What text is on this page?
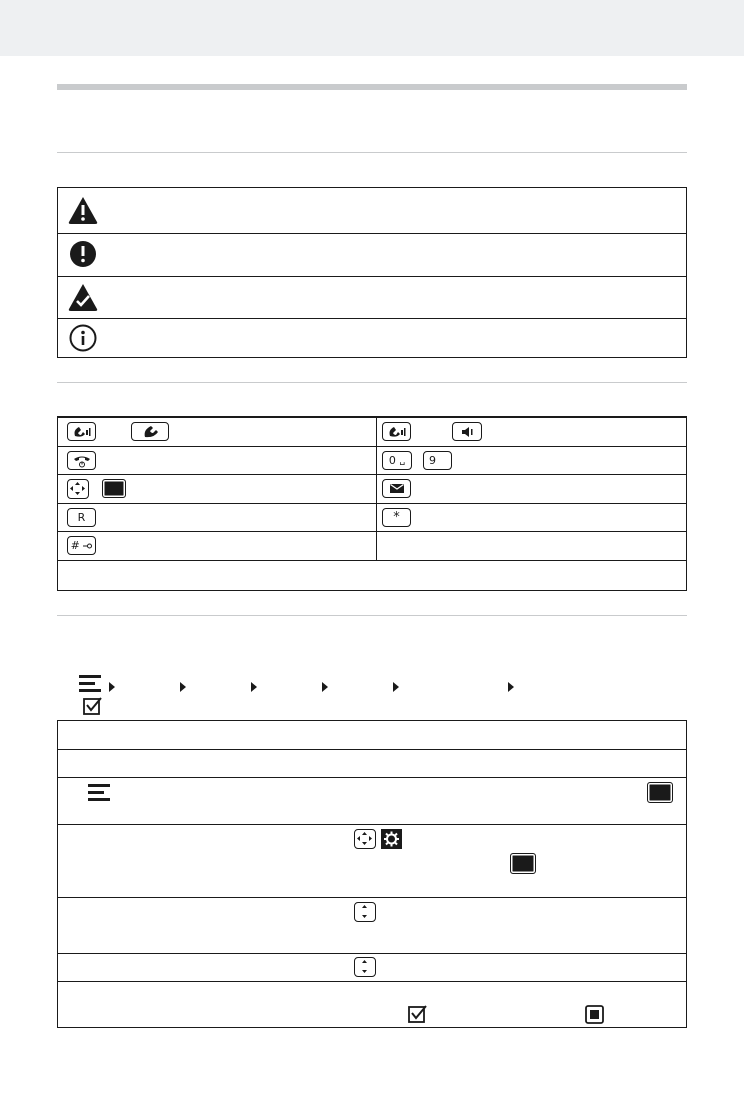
0
␣ 9
R	*
#
